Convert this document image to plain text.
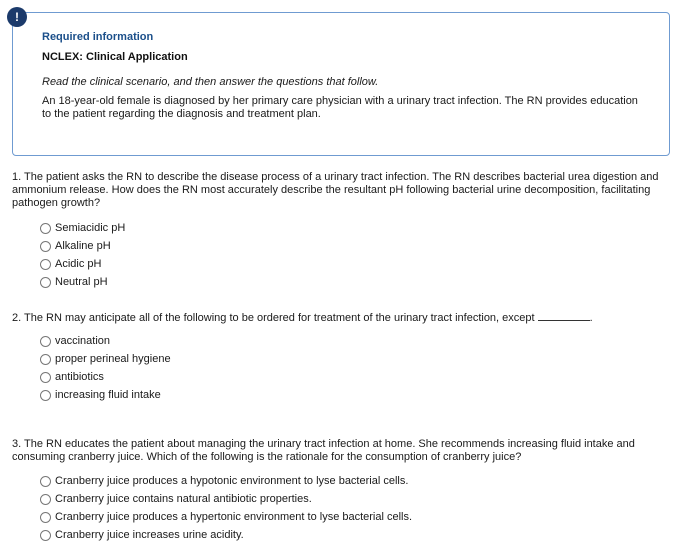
Required information

NCLEX: Clinical Application

Read the clinical scenario, and then answer the questions that follow.

An 18-year-old female is diagnosed by her primary care physician with a urinary tract infection. The RN provides education to the patient regarding the diagnosis and treatment plan.

!

1. The patient asks the RN to describe the disease process of a urinary tract infection. The RN describes bacterial urea digestion and ammonium release. How does the RN most accurately describe the resultant pH following bacterial urine decomposition, facilitating pathogen growth?

Semiacidic pH
Alkaline pH
Acidic pH
Neutral pH

2. The RN may anticipate all of the following to be ordered for treatment of the urinary tract infection, except	.

vaccination
proper perineal hygiene
antibiotics
increasing fluid intake

3. The RN educates the patient about managing the urinary tract infection at home. She recommends increasing fluid intake and consuming cranberry juice. Which of the following is the rationale for the consumption of cranberry juice?

Cranberry juice produces a hypotonic environment to lyse bacterial cells.
Cranberry juice contains natural antibiotic properties.
Cranberry juice produces a hypertonic environment to lyse bacterial cells.
Cranberry juice increases urine acidity.
